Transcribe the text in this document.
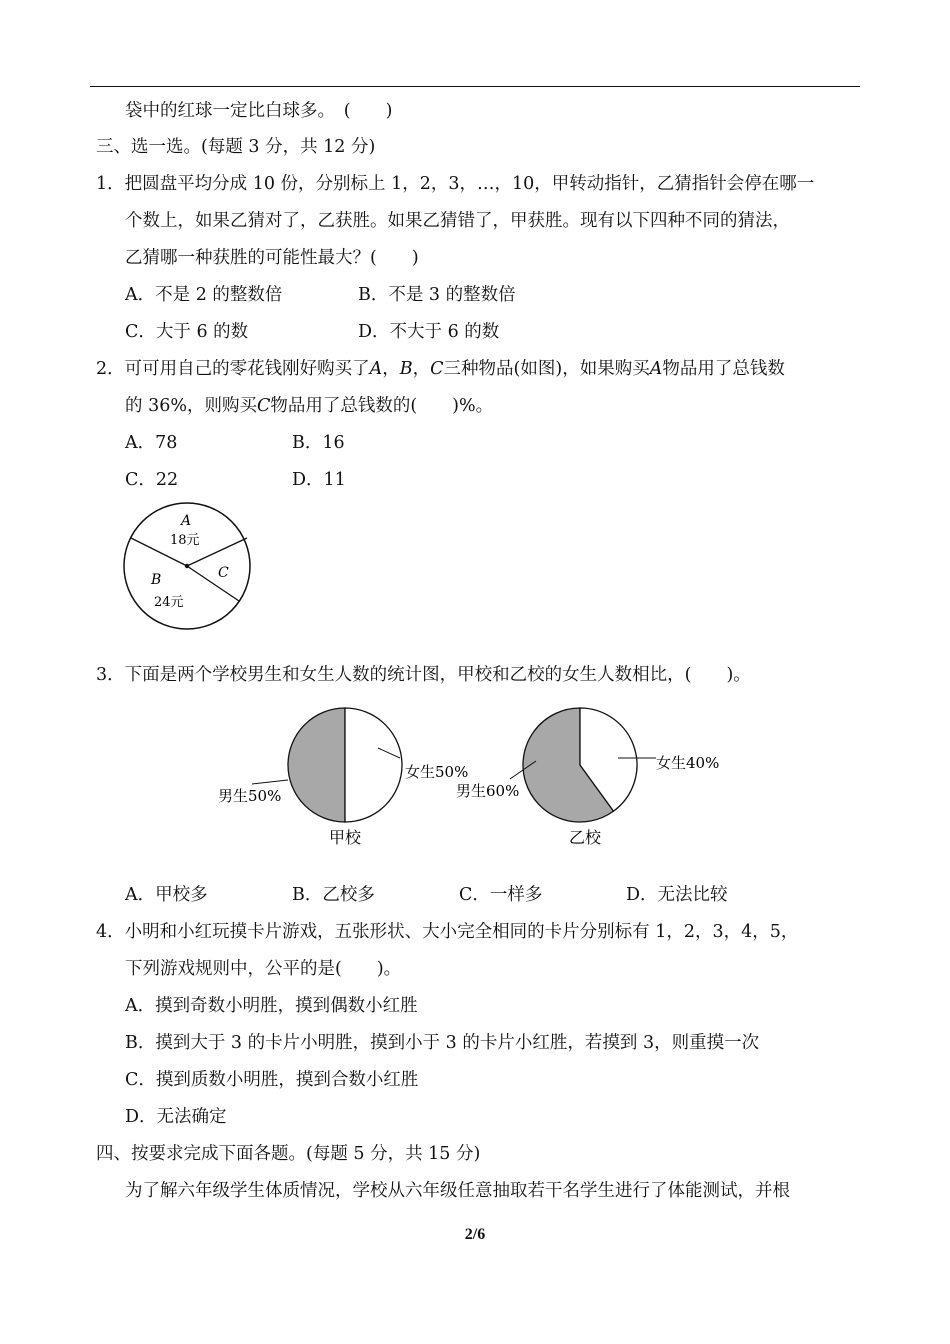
袋中的红球一定比白球多。　(　　)
三、选一选。(每题 3 分，共 12 分)
1．把圆盘平均分成 10 份，分别标上 1，2，3，…，10，甲转动指针，乙猜指针会停在哪一
个数上，如果乙猜对了，乙获胜。如果乙猜错了，甲获胜。现有以下四种不同的猜法，
乙猜哪一种获胜的可能性最大？(　　)
A．不是 2 的整数倍	B．不是 3 的整数倍
C．大于 6 的数	D．不大于 6 的数
2．可可用自己的零花钱刚好购买了A，B，C三种物品(如图)，如果购买A物品用了总钱数
的 36%，则购买C物品用了总钱数的(　　)%。
A．78	B．16
C．22	D．11
A
18元
B
24元
C
3．下面是两个学校男生和女生人数的统计图，甲校和乙校的女生人数相比，(　　)。
女生50%
男生50%
甲校
女生40%
男生60%
乙校
A．甲校多	B．乙校多	C．一样多	D．无法比较
4．小明和小红玩摸卡片游戏，五张形状、大小完全相同的卡片分别标有 1，2，3，4，5，
下列游戏规则中，公平的是(　　)。
A．摸到奇数小明胜，摸到偶数小红胜
B．摸到大于 3 的卡片小明胜，摸到小于 3 的卡片小红胜，若摸到 3，则重摸一次
C．摸到质数小明胜，摸到合数小红胜
D．无法确定
四、按要求完成下面各题。(每题 5 分，共 15 分)
为了解六年级学生体质情况，学校从六年级任意抽取若干名学生进行了体能测试，并根
2/6
